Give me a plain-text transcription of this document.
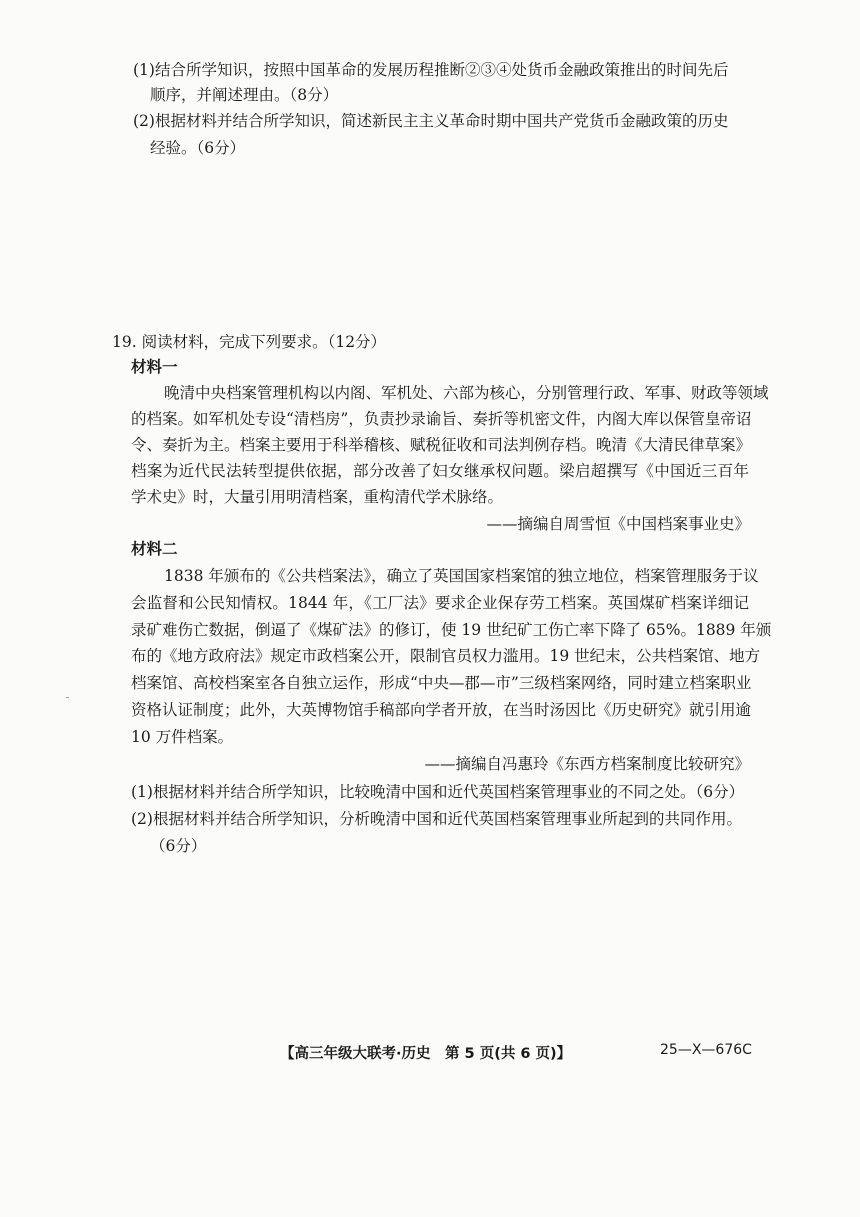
(1)结合所学知识，按照中国革命的发展历程推断②③④处货币金融政策推出的时间先后
顺序，并阐述理由。（8分）
(2)根据材料并结合所学知识，简述新民主主义革命时期中国共产党货币金融政策的历史
经验。（6分）
19. 阅读材料，完成下列要求。（12分）
材料一
晚清中央档案管理机构以内阁、军机处、六部为核心，分别管理行政、军事、财政等领域
的档案。如军机处专设“清档房”，负责抄录谕旨、奏折等机密文件，内阁大库以保管皇帝诏
令、奏折为主。档案主要用于科举稽核、赋税征收和司法判例存档。晚清《大清民律草案》
档案为近代民法转型提供依据，部分改善了妇女继承权问题。梁启超撰写《中国近三百年
学术史》时，大量引用明清档案，重构清代学术脉络。
——摘编自周雪恒《中国档案事业史》
材料二
1838 年颁布的《公共档案法》，确立了英国国家档案馆的独立地位，档案管理服务于议
会监督和公民知情权。1844 年，《工厂法》要求企业保存劳工档案。英国煤矿档案详细记
录矿难伤亡数据，倒逼了《煤矿法》的修订，使 19 世纪矿工伤亡率下降了 65%。1889 年颁
布的《地方政府法》规定市政档案公开，限制官员权力滥用。19 世纪末，公共档案馆、地方
档案馆、高校档案室各自独立运作，形成“中央—郡—市”三级档案网络，同时建立档案职业
资格认证制度；此外，大英博物馆手稿部向学者开放，在当时汤因比《历史研究》就引用逾
10 万件档案。
——摘编自冯惠玲《东西方档案制度比较研究》
(1)根据材料并结合所学知识，比较晚清中国和近代英国档案管理事业的不同之处。（6分）
(2)根据材料并结合所学知识，分析晚清中国和近代英国档案管理事业所起到的共同作用。
（6分）
【高三年级大联考·历史　第 5 页(共 6 页)】	25—X—676C
